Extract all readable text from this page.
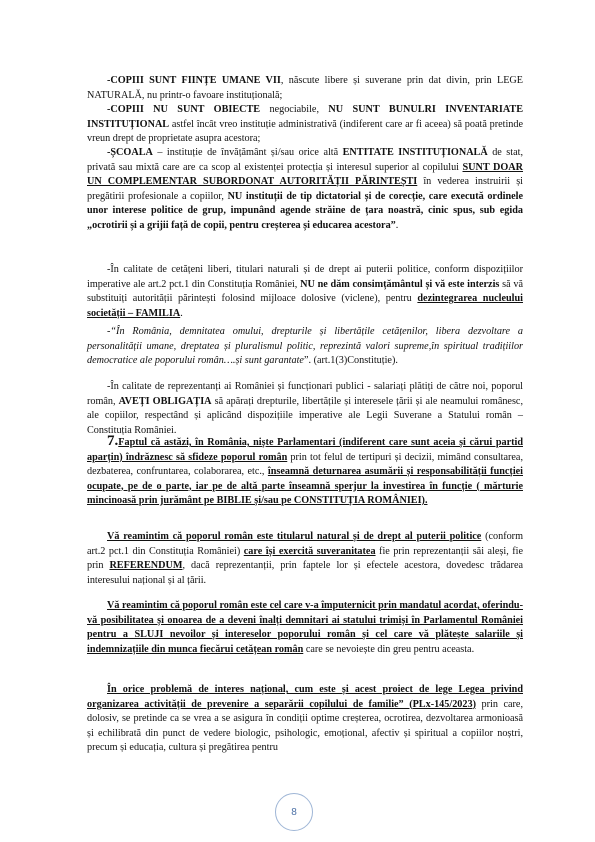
-COPIII SUNT FIINȚE UMANE VII, născute libere și suverane prin dat divin, prin LEGE NATURALĂ, nu printr-o favoare instituțională;

-COPIII NU SUNT OBIECTE negociabile, NU SUNT BUNULRI INVENTARIATE INSTITUȚIONAL astfel încât vreo instituție administrativă (indiferent care ar fi aceea) să poată pretinde vreun drept de proprietate asupra acestora;

-ȘCOALA – instituție de învățământ și/sau orice altă ENTITATE INSTITUȚIONALĂ de stat, privată sau mixtă care are ca scop al existenței protecția și interesul superior al copilului SUNT DOAR UN COMPLEMENTAR SUBORDONAT AUTORITĂȚII PĂRINTEȘTI în vederea instruirii și pregătirii profesionale a copiilor, NU instituții de tip dictatorial și de corecție, care execută ordinele unor interese politice de grup, impunând agende străine de țara noastră, cinic spus, sub egida „ocrotirii și a grijii față de copii, pentru creșterea și educarea acestora”.

-În calitate de cetățeni liberi, titulari naturali și de drept ai puterii politice, conform dispozițiilor imperative ale art.2 pct.1 din Constituția României, NU ne dăm consimțământul și vă este interzis să vă substituiți autorității părintești folosind mijloace dolosive (viclene), pentru dezintegrarea nucleului societății – FAMILIA.

-“În România, demnitatea omului, drepturile și libertățile cetățenilor, libera dezvoltare a personalității umane, dreptatea și pluralismul politic, reprezintă valori supreme,în spiritual tradițiilor democratice ale poporului român….și sunt garantate”. (art.1(3)Constituție).

-În calitate de reprezentanți ai României și funcționari publici - salariați plătiți de către noi, poporul român, AVEȚI OBLIGAȚIA să apărați drepturile, libertățile și interesele țării și ale neamului românesc, ale copiilor, respectând și aplicând dispozițiile imperative ale Legii Suverane a Statului român – Constituția României.

7.Faptul că astăzi, în România, niște Parlamentari (indiferent care sunt aceia și cărui partid aparțin) îndrăznesc să sfideze poporul român prin tot felul de tertipuri și decizii, mimând consultarea, dezbaterea, confruntarea, colaborarea, etc., înseamnă deturnarea asumării și responsabilității funcției ocupate, pe de o parte, iar pe de altă parte înseamnă sperjur la investirea în funcție ( mărturie mincinoasă prin jurământ pe BIBLIE și/sau pe CONSTITUȚIA ROMÂNIEI).

Vă reamintim că poporul român este titularul natural și de drept al puterii politice (conform art.2 pct.1 din Constituția României) care își exercită suveranitatea fie prin reprezentanții săi aleși, fie prin REFERENDUM, dacă reprezentanții, prin faptele lor și efectele acestora, dovedesc trădarea interesului național și al țării.

Vă reamintim că poporul român este cel care v-a împuternicit prin mandatul acordat, oferindu-vă posibilitatea și onoarea de a deveni înalți demnitari ai statului trimiși în Parlamentul României pentru a SLUJI nevoilor și intereselor poporului român și cel care vă plătește salariile și indemnizațiile din munca fiecărui cetățean român care se nevoiește din greu pentru aceasta.

În orice problemă de interes național, cum este și acest proiect de lege Legea privind organizarea activității de prevenire a separării copilului de familie” (PLx-145/2023) prin care, dolosiv, se pretinde ca se vrea a se asigura în condiții optime creșterea, ocrotirea, dezvoltarea armonioasă și echilibrată din punct de vedere biologic, psihologic, emoțional, afectiv și spiritual a copiilor noștri, precum și educația, cultura și pregătirea pentru

8
